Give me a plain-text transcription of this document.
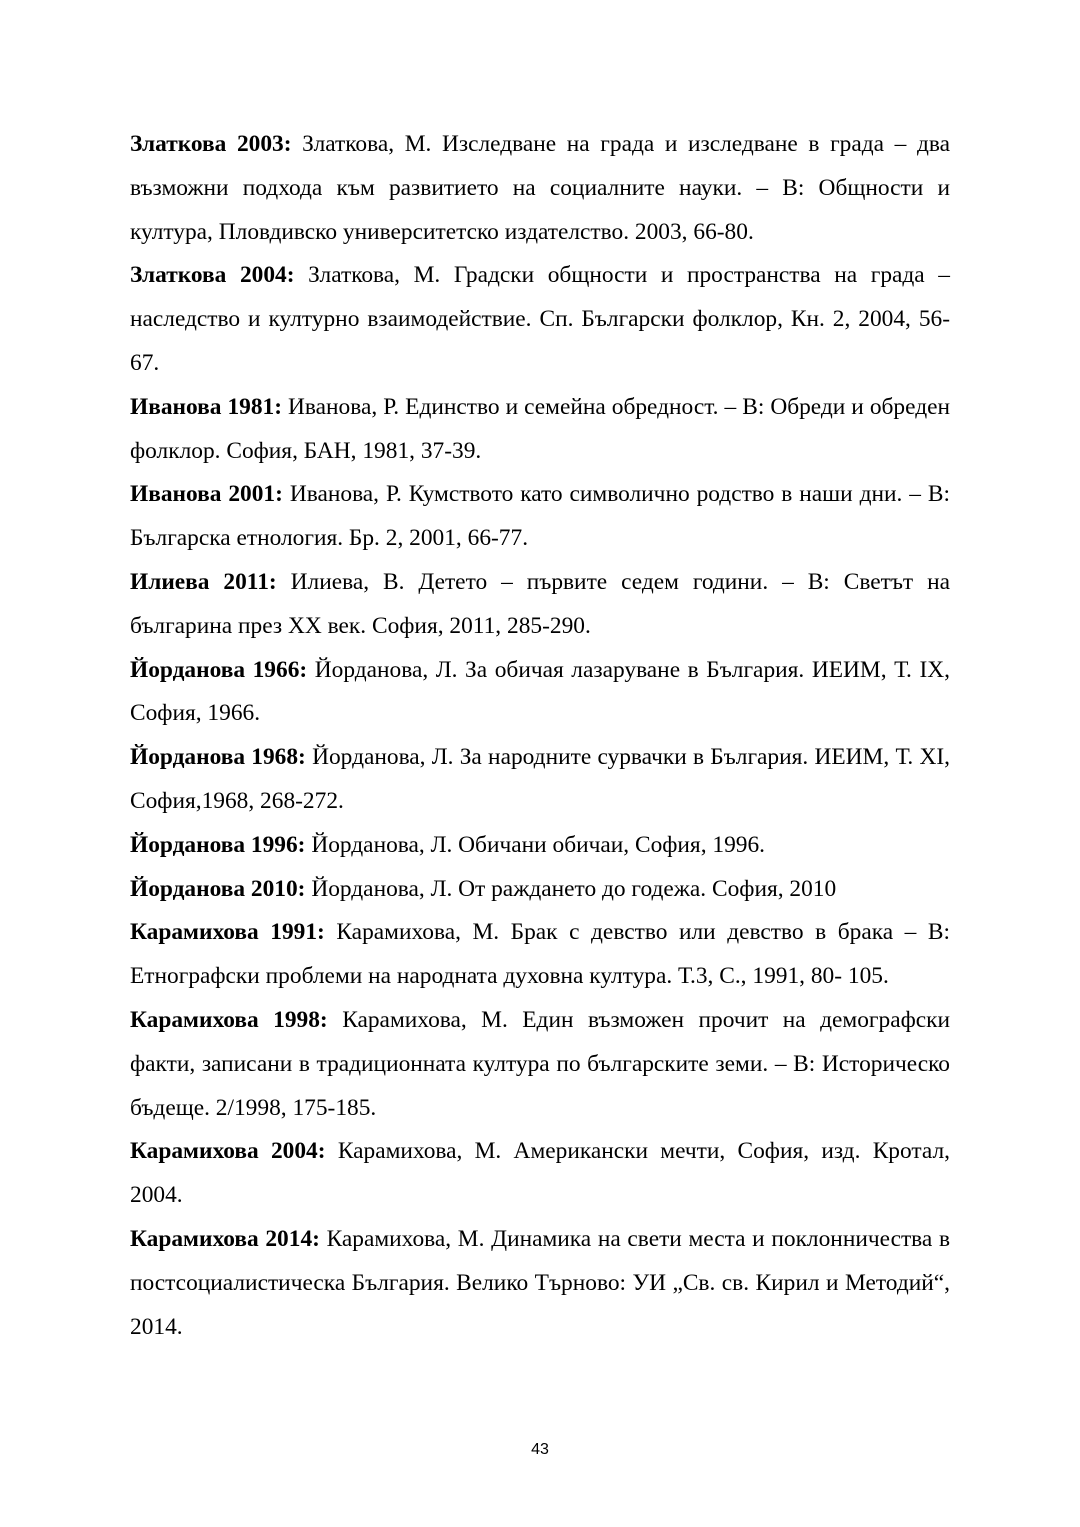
Златкова 2003: Златкова, М. Изследване на града и изследване в града – два възможни подхода към развитието на социалните науки. – В: Общности и култура, Пловдивско университетско издателство. 2003, 66-80.

Златкова 2004: Златкова, М. Градски общности и пространства на града – наследство и културно взаимодействие. Сп. Български фолклор, Кн. 2, 2004, 56-67.

Иванова 1981: Иванова, Р. Единство и семейна обредност. – В: Обреди и обреден фолклор. София, БАН, 1981, 37-39.

Иванова 2001: Иванова, Р. Кумството като символично родство в наши дни. – В: Българска етнология. Бр. 2, 2001, 66-77.

Илиева 2011: Илиева, В. Детето – първите седем години. – В: Светът на българина през XX век. София, 2011, 285-290.

Йорданова 1966: Йорданова, Л. За обичая лазаруване в България. ИЕИМ, Т. IX, София, 1966.

Йорданова 1968: Йорданова, Л. За народните сурвачки в България. ИЕИМ, Т. XI, София,1968, 268-272.

Йорданова 1996: Йорданова, Л. Обичани обичаи, София, 1996.

Йорданова 2010: Йорданова, Л. От раждането до годежа. София, 2010

Карамихова 1991: Карамихова, М. Брак с девство или девство в брака – В: Етнографски проблеми на народната духовна култура. Т.3, С., 1991, 80- 105.

Карамихова 1998: Карамихова, М. Един възможен прочит на демографски факти, записани в традиционната култура по българските земи. – В: Историческо бъдеще. 2/1998, 175-185.

Карамихова 2004: Карамихова, М. Американски мечти, София, изд. Кротал, 2004.

Карамихова 2014: Карамихова, М. Динамика на свети места и поклонничества в постсоциалистическа България. Велико Търново: УИ „Св. св. Кирил и Методий“, 2014.

43
